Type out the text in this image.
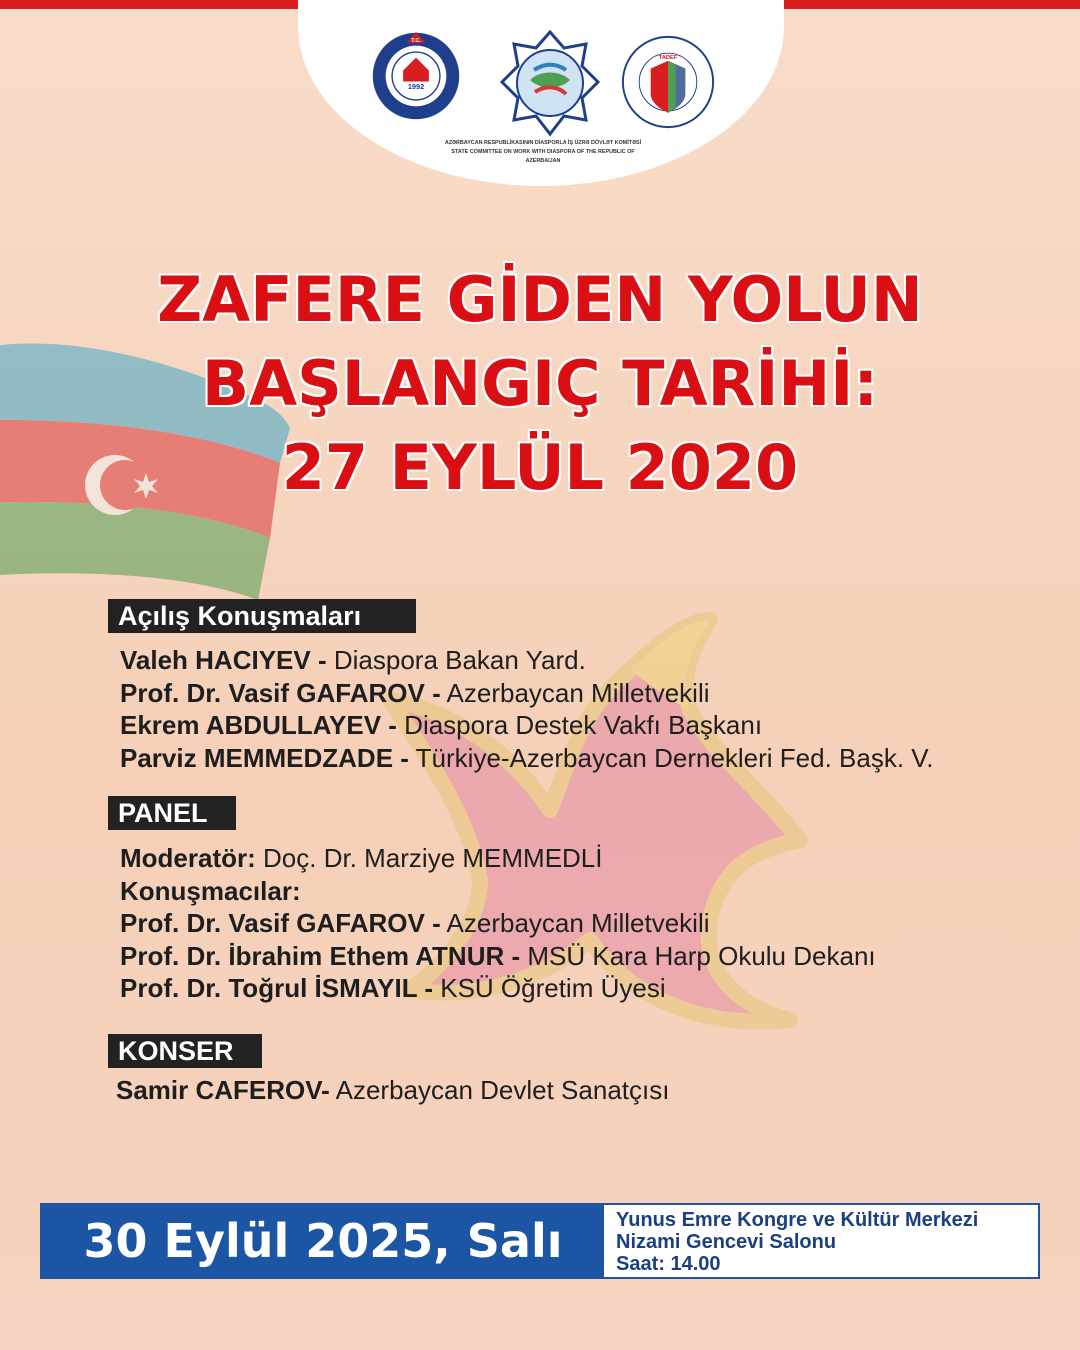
1992
T.C.
AZƏRBAYCAN RESPUBLİKASININ DİASPORLA İŞ ÜZRƏ DÖVLƏT KOMİTƏSİ
STATE COMMITTEE ON WORK WITH DIASPORA OF THE REPUBLIC OF AZERBAIJAN
TADEF
ZAFERE GİDEN YOLUN
BAŞLANGIÇ TARİHİ:
27 EYLÜL 2020
Açılış Konuşmaları
Valeh HACIYEV - Diaspora Bakan Yard.
Prof. Dr. Vasif GAFAROV - Azerbaycan Milletvekili
Ekrem ABDULLAYEV - Diaspora Destek Vakfı Başkanı
Parviz MEMMEDZADE - Türkiye-Azerbaycan Dernekleri Fed. Başk. V.
PANEL
Moderatör: Doç. Dr. Marziye MEMMEDLİ
Konuşmacılar:
Prof. Dr. Vasif GAFAROV - Azerbaycan Milletvekili
Prof. Dr. İbrahim Ethem ATNUR - MSÜ Kara Harp Okulu Dekanı
Prof. Dr. Toğrul İSMAYIL - KSÜ Öğretim Üyesi
KONSER
Samir CAFEROV- Azerbaycan Devlet Sanatçısı
30 Eylül 2025, Salı	Yunus Emre Kongre ve Kültür Merkezi
Nizami Gencevi Salonu
Saat: 14.00
